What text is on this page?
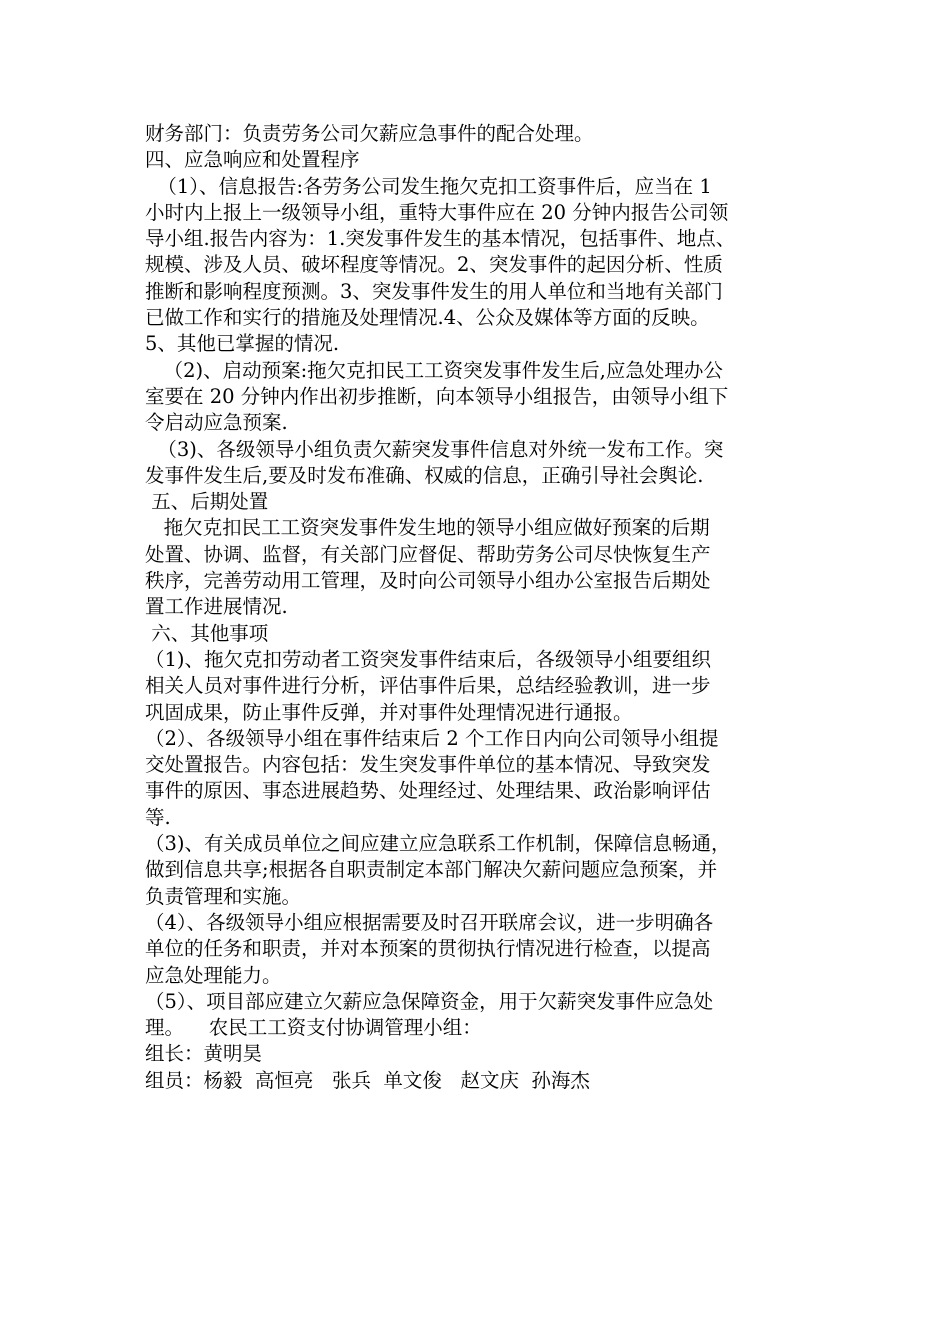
财务部门：负责劳务公司欠薪应急事件的配合处理。
四、应急响应和处置程序
（1）、信息报告:各劳务公司发生拖欠克扣工资事件后，应当在 1
小时内上报上一级领导小组，重特大事件应在 20 分钟内报告公司领
导小组.报告内容为：1.突发事件发生的基本情况，包括事件、地点、
规模、涉及人员、破坏程度等情况。2、突发事件的起因分析、性质
推断和影响程度预测。3、突发事件发生的用人单位和当地有关部门
已做工作和实行的措施及处理情况.4、公众及媒体等方面的反映。
5、其他已掌握的情况.
（2)、启动预案:拖欠克扣民工工资突发事件发生后,应急处理办公
室要在 20 分钟内作出初步推断，向本领导小组报告，由领导小组下
令启动应急预案.
（3)、各级领导小组负责欠薪突发事件信息对外统一发布工作。突
发事件发生后,要及时发布准确、权威的信息，正确引导社会舆论.
五、后期处置
拖欠克扣民工工资突发事件发生地的领导小组应做好预案的后期
处置、协调、监督，有关部门应督促、帮助劳务公司尽快恢复生产
秩序，完善劳动用工管理，及时向公司领导小组办公室报告后期处
置工作进展情况.
六、其他事项
（1)、拖欠克扣劳动者工资突发事件结束后，各级领导小组要组织
相关人员对事件进行分析，评估事件后果，总结经验教训，进一步
巩固成果，防止事件反弹，并对事件处理情况进行通报。
（2）、各级领导小组在事件结束后 2 个工作日内向公司领导小组提
交处置报告。内容包括：发生突发事件单位的基本情况、导致突发
事件的原因、事态进展趋势、处理经过、处理结果、政治影响评估
等.
（3)、有关成员单位之间应建立应急联系工作机制，保障信息畅通，
做到信息共享;根据各自职责制定本部门解决欠薪问题应急预案，并
负责管理和实施。
（4）、各级领导小组应根据需要及时召开联席会议，进一步明确各
单位的任务和职责，并对本预案的贯彻执行情况进行检查，以提高
应急处理能力。
（5）、项目部应建立欠薪应急保障资金，用于欠薪突发事件应急处
理。    农民工工资支付协调管理小组：
组长：黄明昊
组员：杨毅  高恒亮   张兵  单文俊   赵文庆  孙海杰
